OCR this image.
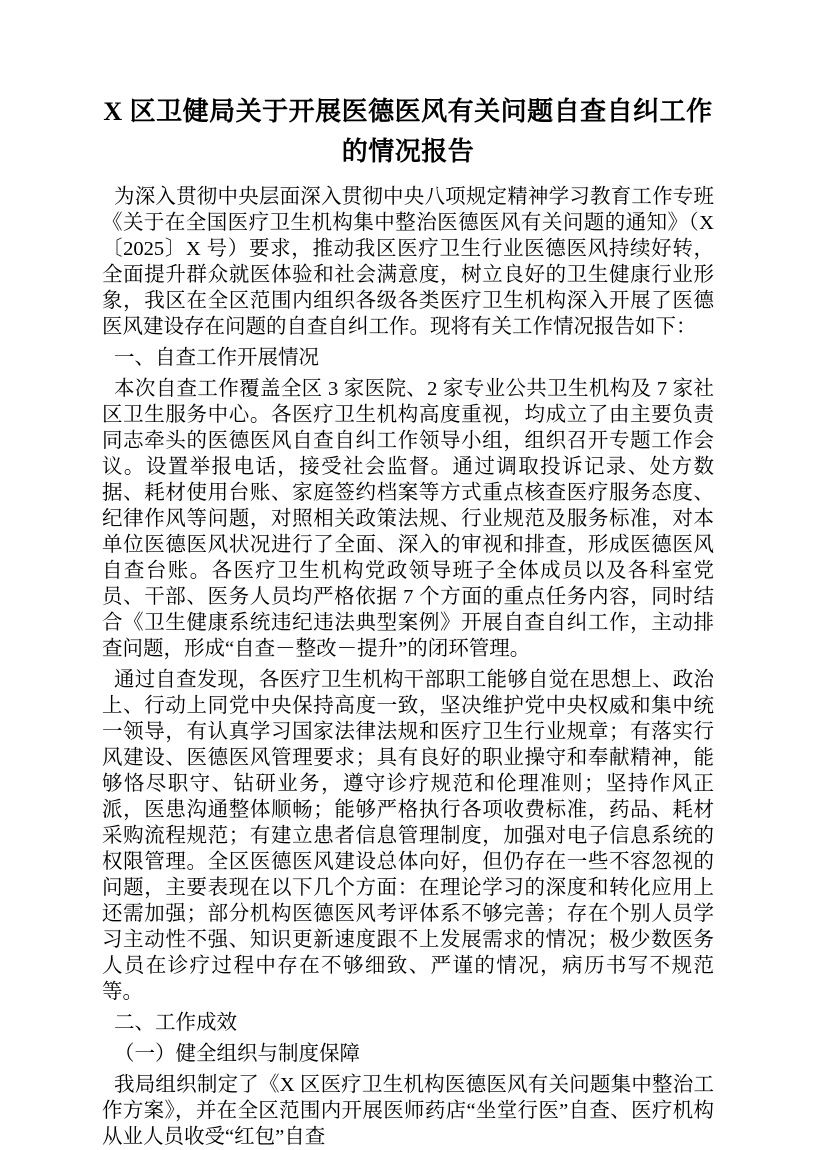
X 区卫健局关于开展医德医风有关问题自查自纠工作的情况报告

为深入贯彻中央层面深入贯彻中央八项规定精神学习教育工作专班《关于在全国医疗卫生机构集中整治医德医风有关问题的通知》（X〔2025〕X 号）要求，推动我区医疗卫生行业医德医风持续好转，全面提升群众就医体验和社会满意度，树立良好的卫生健康行业形象，我区在全区范围内组织各级各类医疗卫生机构深入开展了医德医风建设存在问题的自查自纠工作。现将有关工作情况报告如下：

一、自查工作开展情况

本次自查工作覆盖全区 3 家医院、2 家专业公共卫生机构及 7 家社区卫生服务中心。各医疗卫生机构高度重视，均成立了由主要负责同志牵头的医德医风自查自纠工作领导小组，组织召开专题工作会议。设置举报电话，接受社会监督。通过调取投诉记录、处方数据、耗材使用台账、家庭签约档案等方式重点核查医疗服务态度、纪律作风等问题，对照相关政策法规、行业规范及服务标准，对本单位医德医风状况进行了全面、深入的审视和排查，形成医德医风自查台账。各医疗卫生机构党政领导班子全体成员以及各科室党员、干部、医务人员均严格依据 7 个方面的重点任务内容，同时结合《卫生健康系统违纪违法典型案例》开展自查自纠工作，主动排查问题，形成“自查－整改－提升”的闭环管理。

通过自查发现，各医疗卫生机构干部职工能够自觉在思想上、政治上、行动上同党中央保持高度一致，坚决维护党中央权威和集中统一领导，有认真学习国家法律法规和医疗卫生行业规章；有落实行风建设、医德医风管理要求；具有良好的职业操守和奉献精神，能够恪尽职守、钻研业务，遵守诊疗规范和伦理准则；坚持作风正派，医患沟通整体顺畅；能够严格执行各项收费标准，药品、耗材采购流程规范；有建立患者信息管理制度，加强对电子信息系统的权限管理。全区医德医风建设总体向好，但仍存在一些不容忽视的问题，主要表现在以下几个方面：在理论学习的深度和转化应用上还需加强；部分机构医德医风考评体系不够完善；存在个别人员学习主动性不强、知识更新速度跟不上发展需求的情况；极少数医务人员在诊疗过程中存在不够细致、严谨的情况，病历书写不规范等。

二、工作成效

（一）健全组织与制度保障

我局组织制定了《X 区医疗卫生机构医德医风有关问题集中整治工作方案》，并在全区范围内开展医师药店“坐堂行医”自查、医疗机构从业人员收受“红包”自查
